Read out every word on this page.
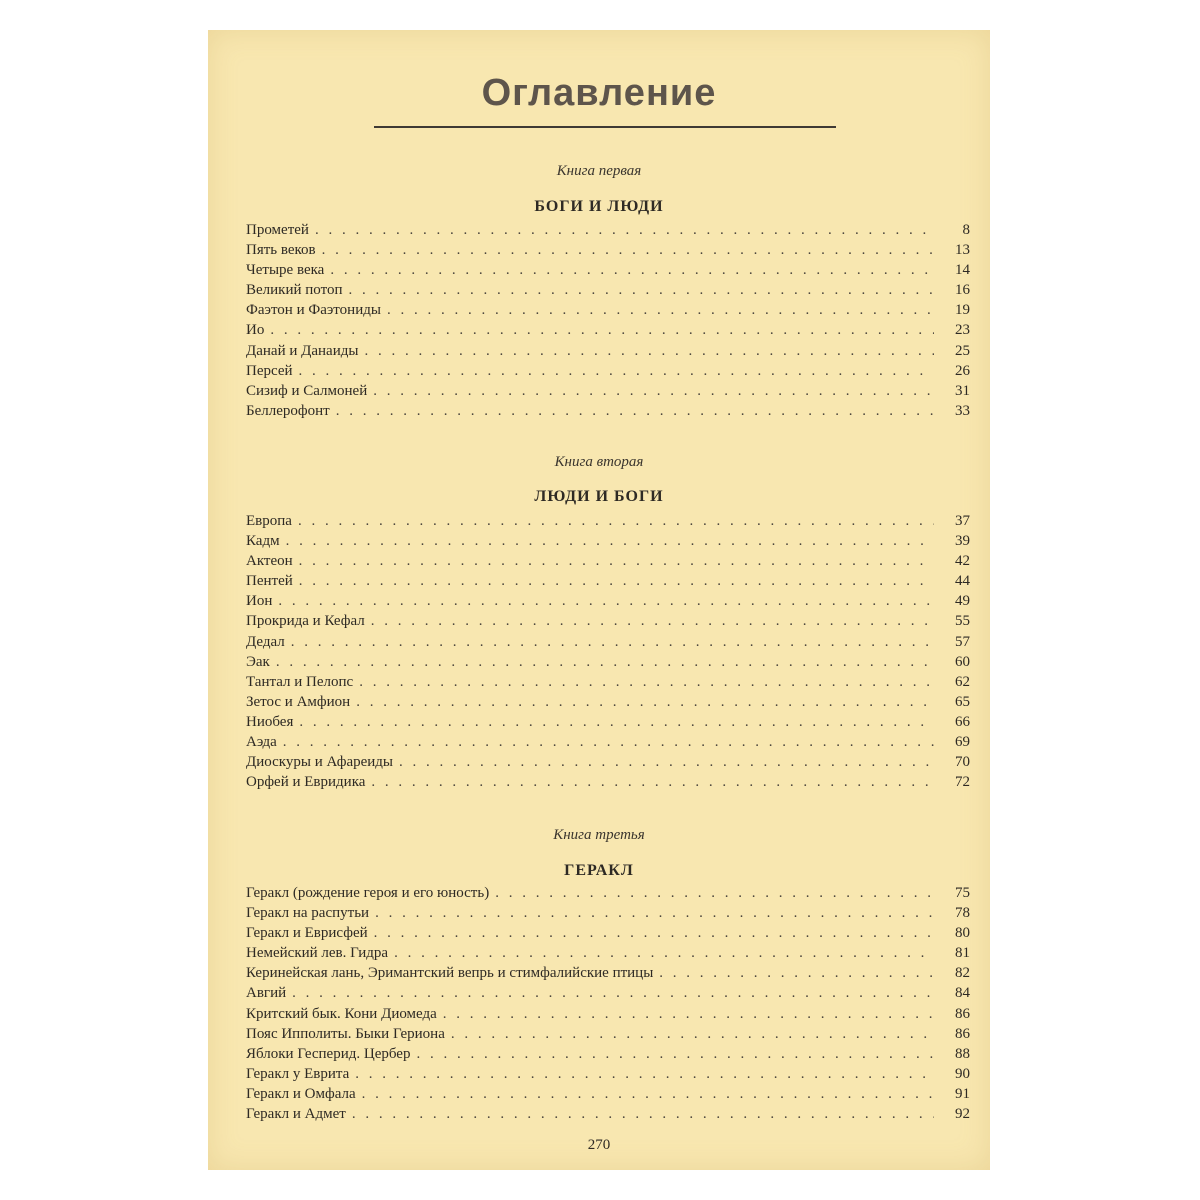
Оглавление
Книга первая
БОГИ И ЛЮДИ
Прометей . . .	8
Пять веков . . .	13
Четыре века . . .	14
Великий потоп . . .	16
Фаэтон и Фаэтониды . . .	19
Ио . . .	23
Данай и Данаиды . . .	25
Персей . . .	26
Сизиф и Салмоней . . .	31
Беллерофонт . . .	33
Книга вторая
ЛЮДИ И БОГИ
Европа . . .	37
Кадм . . .	39
Актеон . . .	42
Пентей . . .	44
Ион . . .	49
Прокрида и Кефал . . .	55
Дедал . . .	57
Эак . . .	60
Тантал и Пелопс . . .	62
Зетос и Амфион . . .	65
Ниобея . . .	66
Аэда . . .	69
Диоскуры и Афареиды . . .	70
Орфей и Евридика . . .	72
Книга третья
ГЕРАКЛ
Геракл (рождение героя и его юность) . . .	75
Геракл на распутьи . . .	78
Геракл и Еврисфей . . .	80
Немейский лев. Гидра . . .	81
Керинейская лань, Эримантский вепрь и стимфалийские птицы . . .	82
Авгий . . .	84
Критский бык. Кони Диомеда . . .	86
Пояс Ипполиты. Быки Гериона . . .	86
Яблоки Гесперид. Цербер . . .	88
Геракл у Еврита . . .	90
Геракл и Омфала . . .	91
Геракл и Адмет . . .	92
270
